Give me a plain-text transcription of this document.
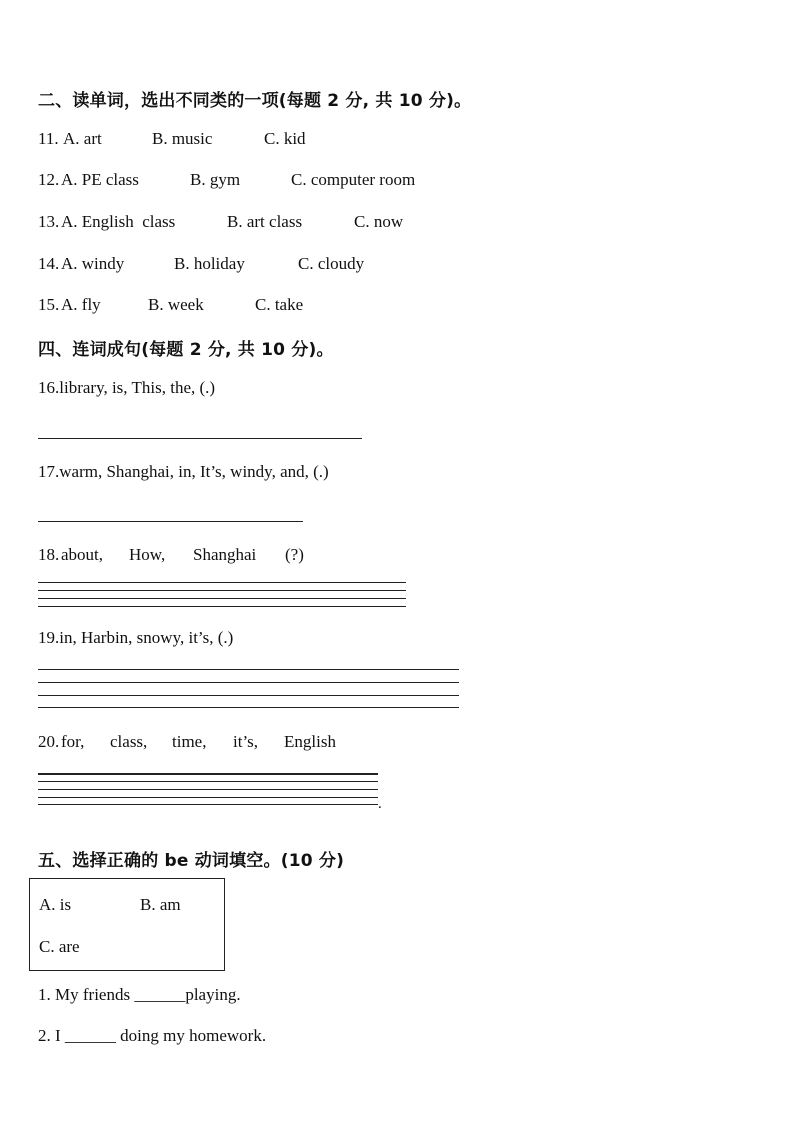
二、读单词，选出不同类的一项(每题 2 分, 共 10 分)。
11. A. art	B. music	C. kid
12. A. PE class	B. gym	C. computer room
13. A. English  class	B. art class	C. now
14. A. windy	B. holiday	C. cloudy
15. A. fly	B. week	C. take
四、连词成句(每题 2 分, 共 10 分)。
16.library, is, This, the, (.)
17.warm, Shanghai, in, It’s, windy, and, (.)
18. about, How, Shanghai (?)
19.in, Harbin, snowy, it’s, (.)
20. for, class, time, it’s, English
.
五、选择正确的 be 动词填空。(10 分)
A. is	B. am
C. are
1. My friends ______playing.
2. I ______ doing my homework.
